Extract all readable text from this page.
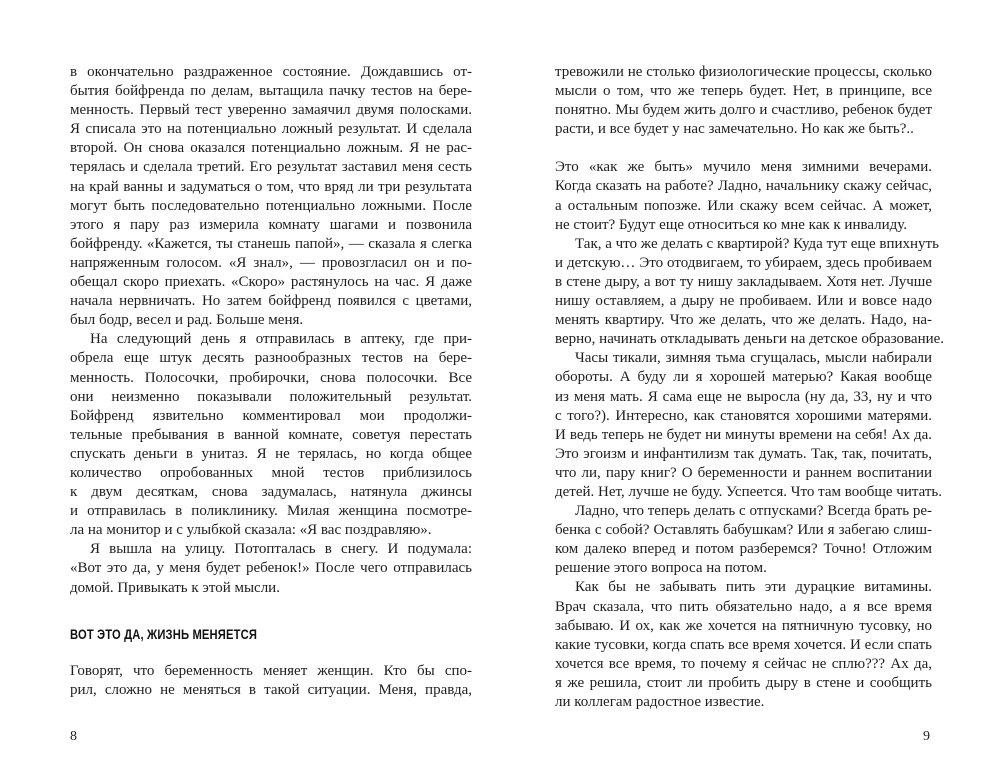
в окончательно раздраженное состояние. Дождавшись от-
бытия бойфренда по делам, вытащила пачку тестов на бере-
менность. Первый тест уверенно замаячил двумя полосками.
Я списала это на потенциально ложный результат. И сделала
второй. Он снова оказался потенциально ложным. Я не рас-
терялась и сделала третий. Его результат заставил меня сесть
на край ванны и задуматься о том, что вряд ли три результата
могут быть последовательно потенциально ложными. После
этого я пару раз измерила комнату шагами и позвонила
бойфренду. «Кажется, ты станешь папой», — сказала я слегка
напряженным голосом. «Я знал», — провозгласил он и по-
обещал скоро приехать. «Скоро» растянулось на час. Я даже
начала нервничать. Но затем бойфренд появился с цветами,
был бодр, весел и рад. Больше меня.
На следующий день я отправилась в аптеку, где при-
обрела еще штук десять разнообразных тестов на бере-
менность. Полосочки, пробирочки, снова полосочки. Все
они неизменно показывали положительный результат.
Бойфренд язвительно комментировал мои продолжи-
тельные пребывания в ванной комнате, советуя перестать
спускать деньги в унитаз. Я не терялась, но когда общее
количество опробованных мной тестов приблизилось
к двум десяткам, снова задумалась, натянула джинсы
и отправилась в поликлинику. Милая женщина посмотре-
ла на монитор и с улыбкой сказала: «Я вас поздравляю».
Я вышла на улицу. Потопталась в снегу. И подумала:
«Вот это да, у меня будет ребенок!» После чего отправилась
домой. Привыкать к этой мысли.
ВОТ ЭТО ДА, ЖИЗНЬ МЕНЯЕТСЯ
Говорят, что беременность меняет женщин. Кто бы спо-
рил, сложно не меняться в такой ситуации. Меня, правда,
8
тревожили не столько физиологические процессы, сколько
мысли о том, что же теперь будет. Нет, в принципе, все
понятно. Мы будем жить долго и счастливо, ребенок будет
расти, и все будет у нас замечательно. Но как же быть?..
Это «как же быть» мучило меня зимними вечерами.
Когда сказать на работе? Ладно, начальнику скажу сейчас,
а остальным попозже. Или скажу всем сейчас. А может,
не стоит? Будут еще относиться ко мне как к инвалиду.
Так, а что же делать с квартирой? Куда тут еще впихнуть
и детскую… Это отодвигаем, то убираем, здесь пробиваем
в стене дыру, а вот ту нишу закладываем. Хотя нет. Лучше
нишу оставляем, а дыру не пробиваем. Или и вовсе надо
менять квартиру. Что же делать, что же делать. Надо, на-
верно, начинать откладывать деньги на детское образование.
Часы тикали, зимняя тьма сгущалась, мысли набирали
обороты. А буду ли я хорошей матерью? Какая вообще
из меня мать. Я сама еще не выросла (ну да, 33, ну и что
с того?). Интересно, как становятся хорошими матерями.
И ведь теперь не будет ни минуты времени на себя! Ах да.
Это эгоизм и инфантилизм так думать. Так, так, почитать,
что ли, пару книг? О беременности и раннем воспитании
детей. Нет, лучше не буду. Успеется. Что там вообще читать.
Ладно, что теперь делать с отпусками? Всегда брать ре-
бенка с собой? Оставлять бабушкам? Или я забегаю слиш-
ком далеко вперед и потом разберемся? Точно! Отложим
решение этого вопроса на потом.
Как бы не забывать пить эти дурацкие витамины.
Врач сказала, что пить обязательно надо, а я все время
забываю. И ох, как же хочется на пятничную тусовку, но
какие тусовки, когда спать все время хочется. И если спать
хочется все время, то почему я сейчас не сплю??? Ах да,
я же решила, стоит ли пробить дыру в стене и сообщить
ли коллегам радостное известие.
9
